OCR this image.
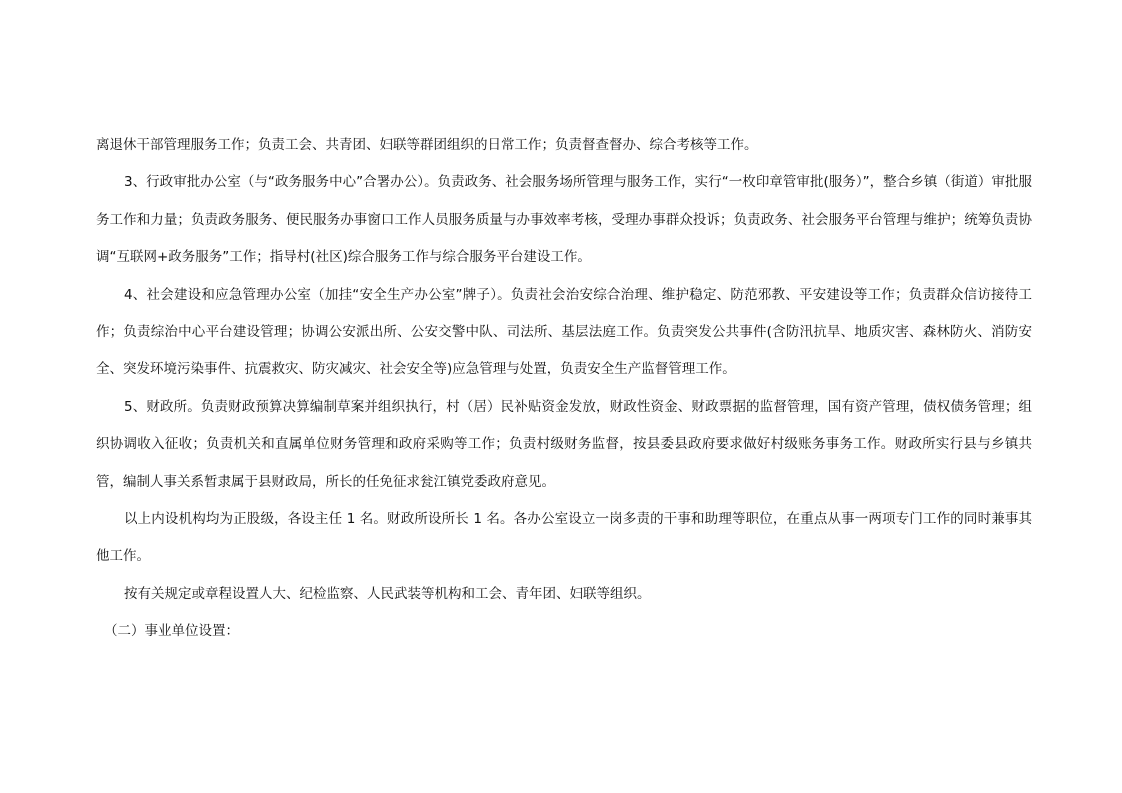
离退休干部管理服务工作；负责工会、共青团、妇联等群团组织的日常工作；负责督查督办、综合考核等工作。

3、行政审批办公室（与“政务服务中心”合署办公）。负责政务、社会服务场所管理与服务工作，实行“一枚印章管审批(服务）”，整合乡镇（街道）审批服务工作和力量；负责政务服务、便民服务办事窗口工作人员服务质量与办事效率考核，受理办事群众投诉；负责政务、社会服务平台管理与维护；统筹负责协调“互联网+政务服务”工作；指导村(社区)综合服务工作与综合服务平台建设工作。

4、社会建设和应急管理办公室（加挂“安全生产办公室”牌子）。负责社会治安综合治理、维护稳定、防范邪教、平安建设等工作；负责群众信访接待工作；负责综治中心平台建设管理；协调公安派出所、公安交警中队、司法所、基层法庭工作。负责突发公共事件(含防汛抗旱、地质灾害、森林防火、消防安全、突发环境污染事件、抗震救灾、防灾减灾、社会安全等)应急管理与处置，负责安全生产监督管理工作。

5、财政所。负责财政预算决算编制草案并组织执行，村（居）民补贴资金发放，财政性资金、财政票据的监督管理，国有资产管理，债权债务管理；组织协调收入征收；负责机关和直属单位财务管理和政府采购等工作；负责村级财务监督，按县委县政府要求做好村级账务事务工作。财政所实行县与乡镇共管，编制人事关系暂隶属于县财政局，所长的任免征求瓮江镇党委政府意见。

以上内设机构均为正股级，各设主任 1 名。财政所设所长 1 名。各办公室设立一岗多责的干事和助理等职位，在重点从事一两项专门工作的同时兼事其他工作。

按有关规定或章程设置人大、纪检监察、人民武装等机构和工会、青年团、妇联等组织。

（二）事业单位设置：
